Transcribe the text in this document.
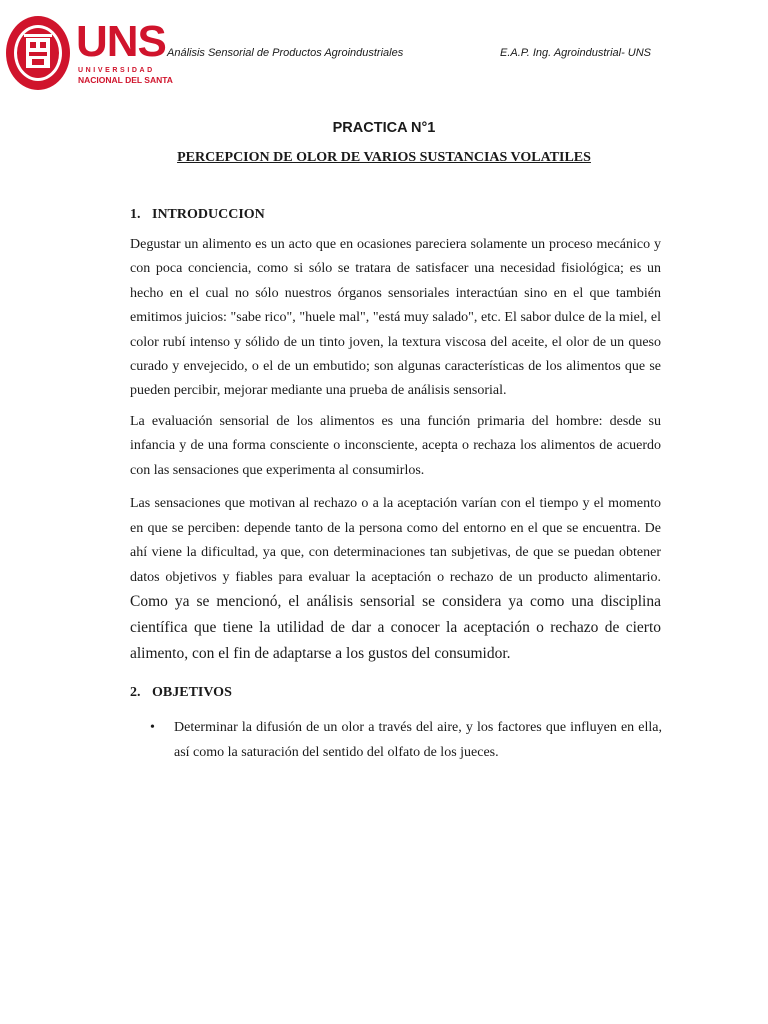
UNS
UNIVERSIDAD
NACIONAL DEL SANTA
Análisis Sensorial de Productos Agroindustriales	E.A.P. Ing. Agroindustrial- UNS
PRACTICA N°1
PERCEPCION DE OLOR DE VARIOS SUSTANCIAS VOLATILES
1. INTRODUCCION
Degustar un alimento es un acto que en ocasiones pareciera solamente un proceso mecánico y con poca conciencia, como si sólo se tratara de satisfacer una necesidad fisiológica; es un hecho en el cual no sólo nuestros órganos sensoriales interactúan sino en el que también emitimos juicios: "sabe rico", "huele mal", "está muy salado", etc. El sabor dulce de la miel, el color rubí intenso y sólido de un tinto joven, la textura viscosa del aceite, el olor de un queso curado y envejecido, o el de un embutido; son algunas características de los alimentos que se pueden percibir, mejorar mediante una prueba de análisis sensorial.
La evaluación sensorial de los alimentos es una función primaria del hombre: desde su infancia y de una forma consciente o inconsciente, acepta o rechaza los alimentos de acuerdo con las sensaciones que experimenta al consumirlos.
Las sensaciones que motivan al rechazo o a la aceptación varían con el tiempo y el momento en que se perciben: depende tanto de la persona como del entorno en el que se encuentra. De ahí viene la dificultad, ya que, con determinaciones tan subjetivas, de que se puedan obtener datos objetivos y fiables para evaluar la aceptación o rechazo de un producto alimentario. Como ya se mencionó, el análisis sensorial se considera ya como una disciplina científica que tiene la utilidad de dar a conocer la aceptación o rechazo de cierto alimento, con el fin de adaptarse a los gustos del consumidor.
2. OBJETIVOS
• Determinar la difusión de un olor a través del aire, y los factores que influyen en ella, así como la saturación del sentido del olfato de los jueces.
